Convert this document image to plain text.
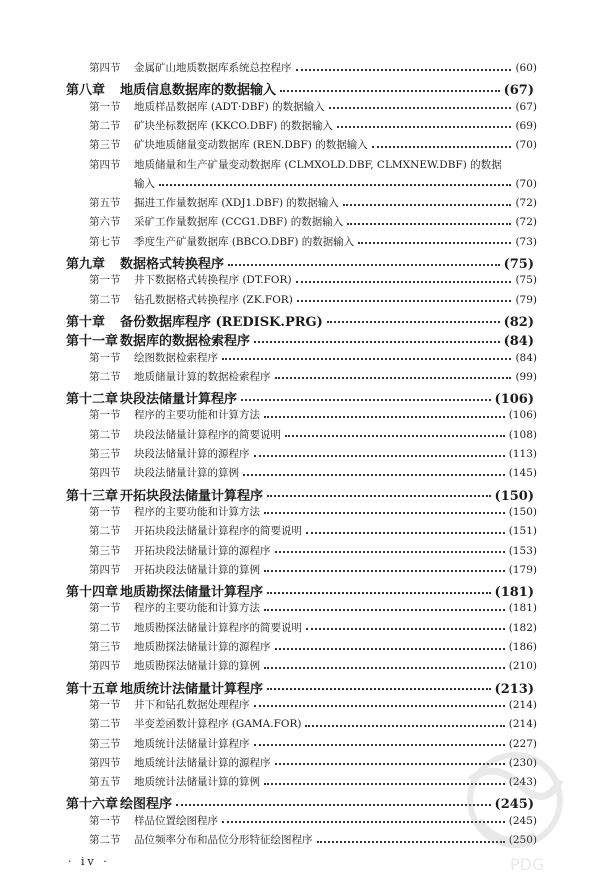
第四节	金属矿山地质数据库系统总控程序	(60)
第八章	地质信息数据库的数据输入	(67)
第一节	地质样品数据库 (ADT·DBF) 的数据输入	(67)
第二节	矿块坐标数据库 (KKCO.DBF) 的数据输入	(69)
第三节	矿块地质储量变动数据库 (REN.DBF) 的数据输入	(70)
第四节	地质储量和生产矿量变动数据库 (CLMXOLD.DBF, CLMXNEW.DBF) 的数据
输入	(70)
第五节	掘进工作量数据库 (XDJ1.DBF) 的数据输入	(72)
第六节	采矿工作量数据库 (CCG1.DBF) 的数据输入	(72)
第七节	季度生产矿量数据库 (BBCO.DBF) 的数据输入	(73)
第九章	数据格式转换程序	(75)
第一节	井下数据格式转换程序 (DT.FOR)	(75)
第二节	钻孔数据格式转换程序 (ZK.FOR)	(79)
第十章	备份数据库程序 (REDISK.PRG)	(82)
第十一章 数据库的数据检索程序	(84)
第一节	绘图数据检索程序	(84)
第二节	地质储量计算的数据检索程序	(99)
第十二章 块段法储量计算程序	(106)
第一节	程序的主要功能和计算方法	(106)
第二节	块段法储量计算程序的简要说明	(108)
第三节	块段法储量计算的源程序	(113)
第四节	块段法储量计算的算例	(145)
第十三章 开拓块段法储量计算程序	(150)
第一节	程序的主要功能和计算方法	(150)
第二节	开拓块段法储量计算程序的简要说明	(151)
第三节	开拓块段法储量计算的源程序	(153)
第四节	开拓块段法储量计算的算例	(179)
第十四章 地质勘探法储量计算程序	(181)
第一节	程序的主要功能和计算方法	(181)
第二节	地质勘探法储量计算程序的简要说明	(182)
第三节	地质勘探法储量计算的源程序	(186)
第四节	地质勘探法储量计算的算例	(210)
第十五章 地质统计法储量计算程序	(213)
第一节	井下和钻孔数据处理程序	(214)
第二节	半变差函数计算程序 (GAMA.FOR)	(214)
第三节	地质统计法储量计算程序	(227)
第四节	地质统计法储量计算的源程序	(230)
第五节	地质统计法储量计算的算例	(243)
第十六章 绘图程序	(245)
第一节	样品位置绘图程序	(245)
第二节	品位频率分布和品位分形特征绘图程序	(250)
· iv ·	PDG
